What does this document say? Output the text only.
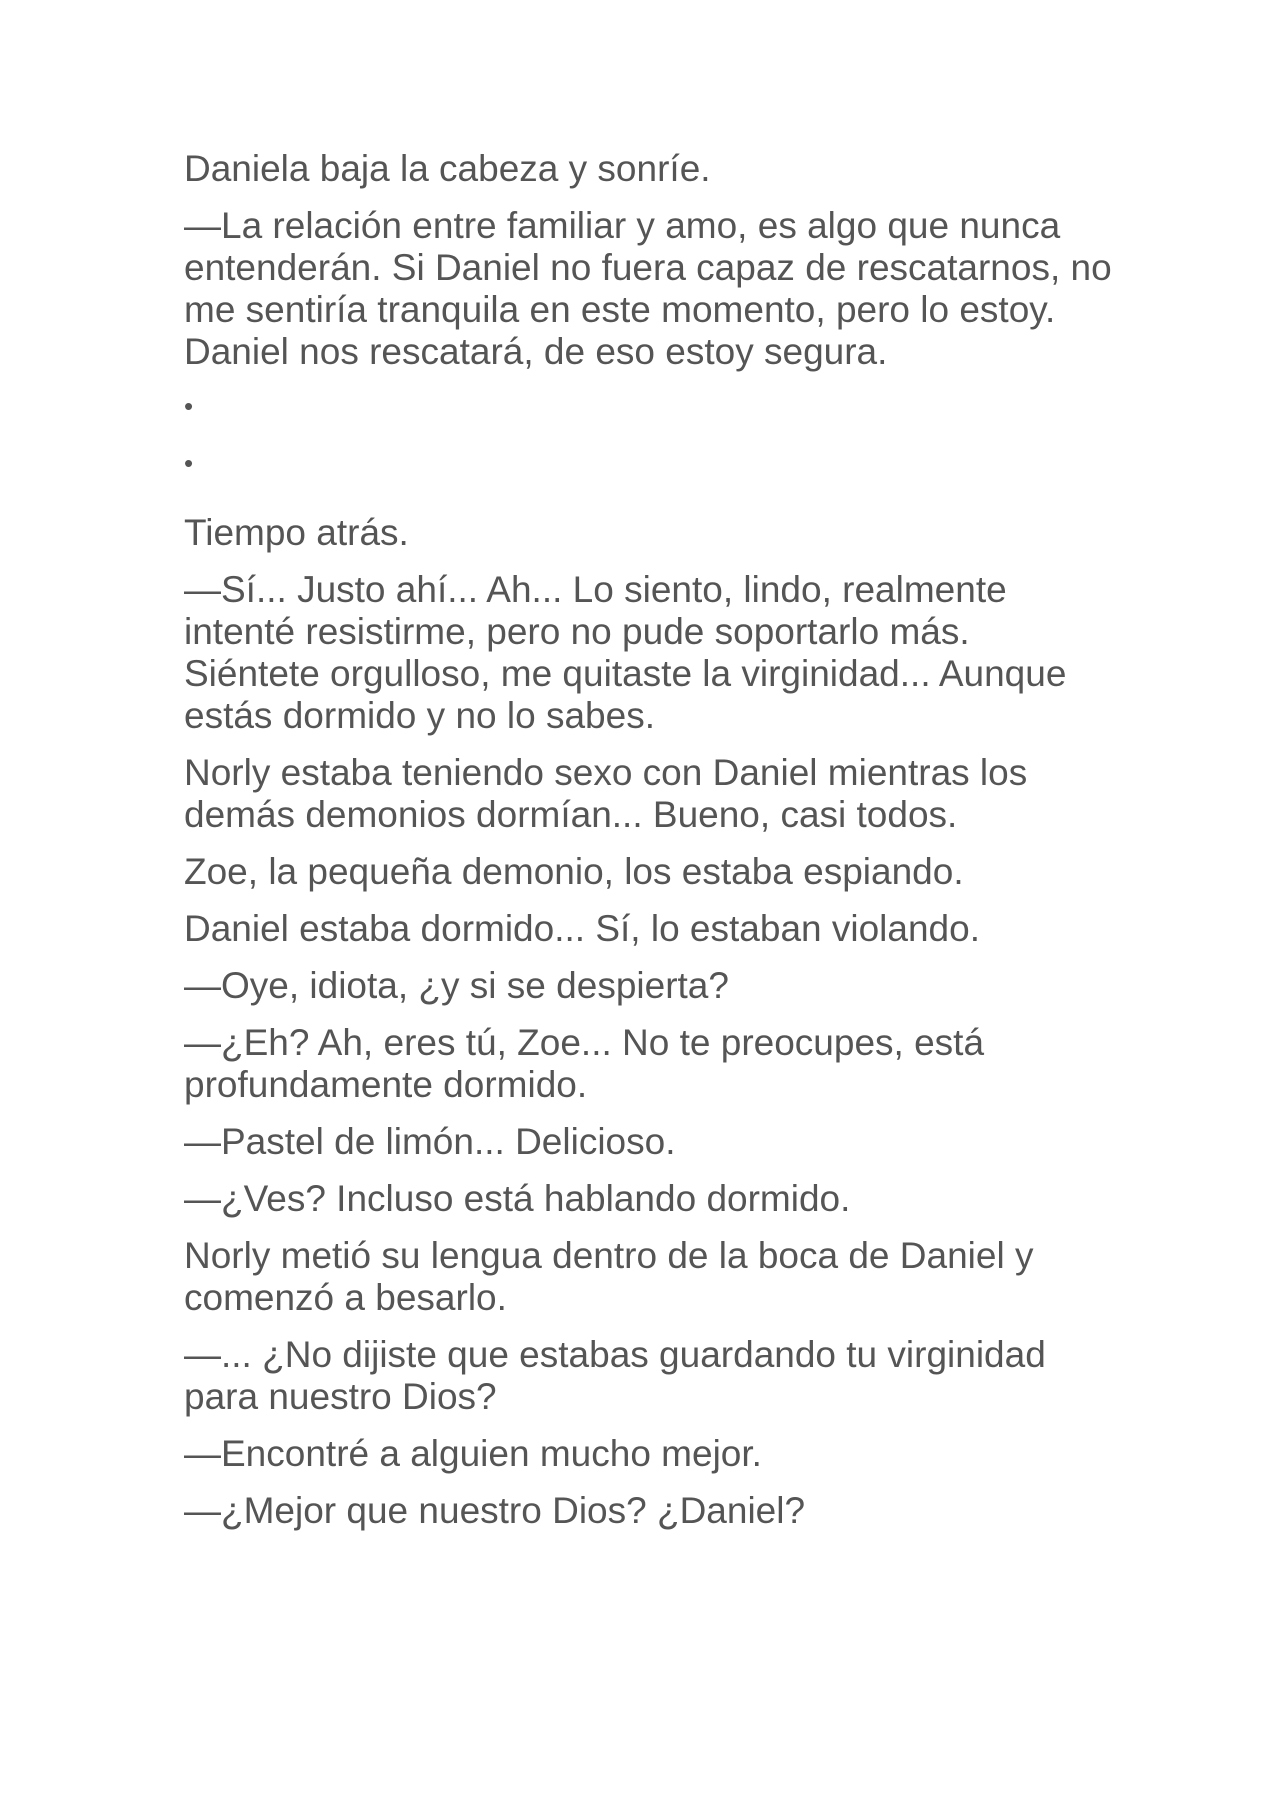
Daniela baja la cabeza y sonríe.

—La relación entre familiar y amo, es algo que nunca entenderán. Si Daniel no fuera capaz de rescatarnos, no me sentiría tranquila en este momento, pero lo estoy. Daniel nos rescatará, de eso estoy segura.

•
•

Tiempo atrás.

—Sí... Justo ahí... Ah... Lo siento, lindo, realmente intenté resistirme, pero no pude soportarlo más. Siéntete orgulloso, me quitaste la virginidad... Aunque estás dormido y no lo sabes.

Norly estaba teniendo sexo con Daniel mientras los demás demonios dormían... Bueno, casi todos.

Zoe, la pequeña demonio, los estaba espiando.

Daniel estaba dormido... Sí, lo estaban violando.

—Oye, idiota, ¿y si se despierta?

—¿Eh? Ah, eres tú, Zoe... No te preocupes, está profundamente dormido.

—Pastel de limón... Delicioso.

—¿Ves? Incluso está hablando dormido.

Norly metió su lengua dentro de la boca de Daniel y comenzó a besarlo.

—... ¿No dijiste que estabas guardando tu virginidad para nuestro Dios?

—Encontré a alguien mucho mejor.

—¿Mejor que nuestro Dios? ¿Daniel?
